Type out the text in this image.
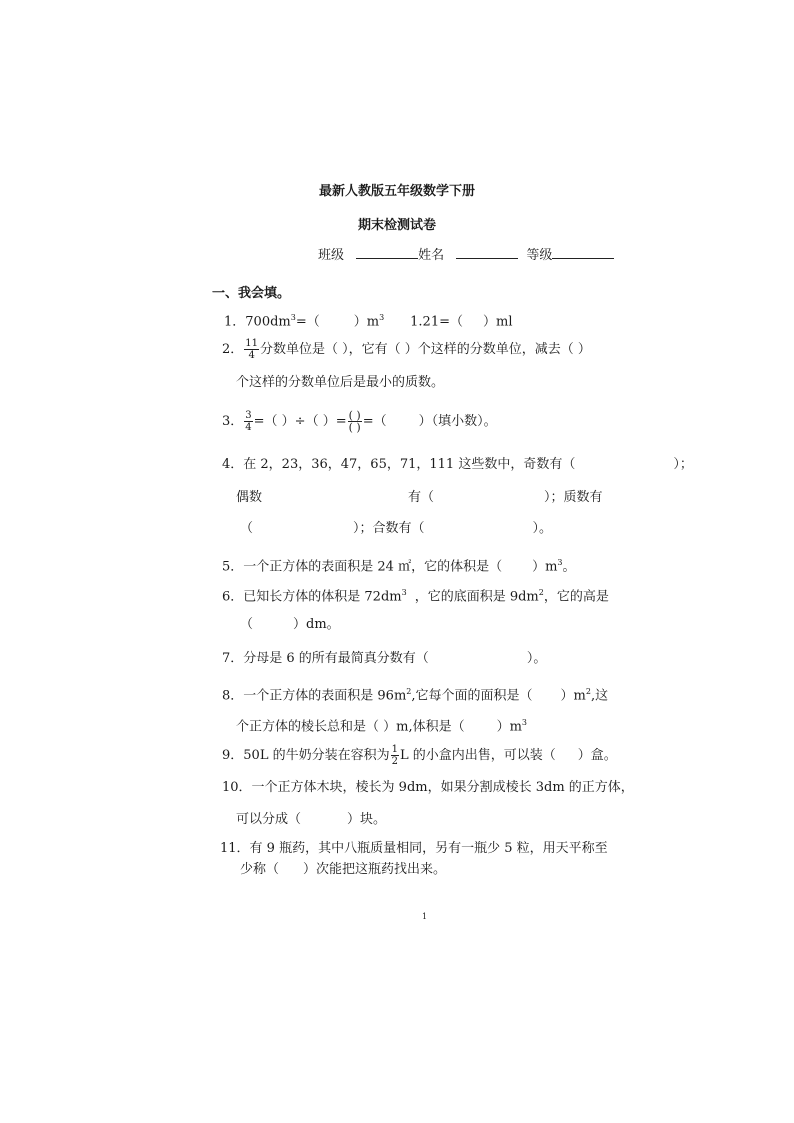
最新人教版五年级数学下册
期末检测试卷
班级	姓名	等级
一、我会填。
1．$700dm^3=$（	）$m^3$ 1.21=（ ）ml
2． $\frac{11}{4}$ 分数单位是（ ），它有（ ）个这样的分数单位，减去（ ）
个这样的分数单位后是最小的质数。
3． $\frac{3}{4}$ =（ ）÷（ ）= $\frac{( )}{( )}$ =（ ）（填小数）。
4．在 2，23，36，47，65，71，111 这些数中，奇数有（	）；
偶数	有（	）；质数有
（	）；合数有（	）。
5．一个正方体的表面积是 24 ㎡，它的体积是（ ）$m^3$。
6．已知长方体的体积是 $72dm^3$ ，它的底面积是 $9dm^2$，它的高是
（	）dm。
7．分母是 6 的所有最简真分数有（	）。
8．一个正方体的表面积是 $96m^2$,它每个面的面积是（ ）$m^2$,这
个正方体的棱长总和是（ ）m,体积是（ ）$m^3$
9．50L 的牛奶分装在容积为 $\frac{1}{2}$ L 的小盒内出售，可以装（ ）盒。
10．一个正方体木块，棱长为 9dm，如果分割成棱长 3dm 的正方体，
可以分成（	）块。
11．有 9 瓶药，其中八瓶质量相同，另有一瓶少 5 粒，用天平称至
少称（ ）次能把这瓶药找出来。
1
